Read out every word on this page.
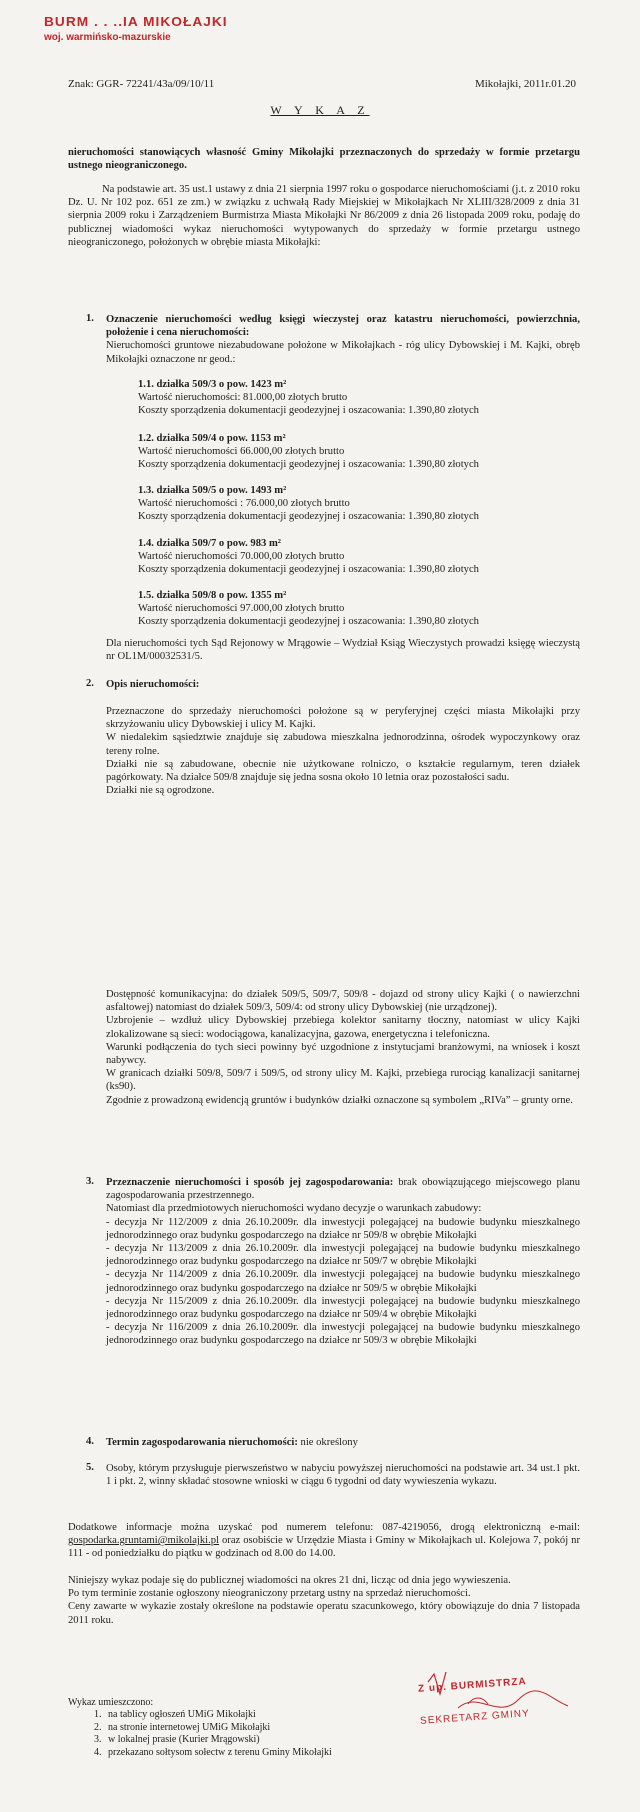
BURM . . ..IA MIKOŁAJKI
woj. warmińsko-mazurskie
Znak: GGR- 72241/43a/09/10/11	Mikołajki, 2011r.01.20
W Y K A Z
nieruchomości stanowiących własność Gminy Mikołajki przeznaczonych do sprzedaży w formie przetargu ustnego nieograniczonego.
Na podstawie art. 35 ust.1 ustawy z dnia 21 sierpnia 1997 roku o gospodarce nieruchomościami (j.t. z 2010 roku Dz. U. Nr 102 poz. 651 ze zm.) w związku z uchwałą Rady Miejskiej w Mikołajkach Nr XLIII/328/2009 z dnia 31 sierpnia 2009 roku i Zarządzeniem Burmistrza Miasta Mikołajki Nr 86/2009 z dnia 26 listopada 2009 roku, podaję do publicznej wiadomości wykaz nieruchomości wytypowanych do sprzedaży w formie przetargu ustnego nieograniczonego, położonych w obrębie miasta Mikołajki:
1. Oznaczenie nieruchomości według księgi wieczystej oraz katastru nieruchomości, powierzchnia, położenie i cena nieruchomości:
Nieruchomości gruntowe niezabudowane położone w Mikołajkach - róg ulicy Dybowskiej i M. Kajki, obręb Mikołajki oznaczone nr geod.:
1.1. działka 509/3 o pow. 1423 m²
Wartość nieruchomości: 81.000,00 złotych brutto
Koszty sporządzenia dokumentacji geodezyjnej i oszacowania: 1.390,80 złotych
1.2. działka 509/4 o pow. 1153 m²
Wartość nieruchomości 66.000,00 złotych brutto
Koszty sporządzenia dokumentacji geodezyjnej i oszacowania: 1.390,80 złotych
1.3. działka 509/5 o pow. 1493 m²
Wartość nieruchomości : 76.000,00 złotych brutto
Koszty sporządzenia dokumentacji geodezyjnej i oszacowania: 1.390,80 złotych
1.4. działka 509/7 o pow. 983 m²
Wartość nieruchomości 70.000,00 złotych brutto
Koszty sporządzenia dokumentacji geodezyjnej i oszacowania: 1.390,80 złotych
1.5. działka 509/8 o pow. 1355 m²
Wartość nieruchomości 97.000,00 złotych brutto
Koszty sporządzenia dokumentacji geodezyjnej i oszacowania: 1.390,80 złotych
Dla nieruchomości tych Sąd Rejonowy w Mrągowie – Wydział Ksiąg Wieczystych prowadzi księgę wieczystą nr OL1M/00032531/5.
2. Opis nieruchomości:
Przeznaczone do sprzedaży nieruchomości położone są w peryferyjnej części miasta Mikołajki przy skrzyżowaniu ulicy Dybowskiej i ulicy M. Kajki.
W niedalekim sąsiedztwie znajduje się zabudowa mieszkalna jednorodzinna, ośrodek wypoczynkowy oraz tereny rolne.
Działki nie są zabudowane, obecnie nie użytkowane rolniczo, o kształcie regularnym, teren działek pagórkowaty. Na działce 509/8 znajduje się jedna sosna około 10 letnia oraz pozostałości sadu.
Działki nie są ogrodzone.
Dostępność komunikacyjna: do działek 509/5, 509/7, 509/8 - dojazd od strony ulicy Kajki ( o nawierzchni asfaltowej) natomiast do działek 509/3, 509/4: od strony ulicy Dybowskiej (nie urządzonej).
Uzbrojenie – wzdłuż ulicy Dybowskiej przebiega kolektor sanitarny tłoczny, natomiast w ulicy Kajki zlokalizowane są sieci: wodociągowa, kanalizacyjna, gazowa, energetyczna i telefoniczna.
Warunki podłączenia do tych sieci powinny być uzgodnione z instytucjami branżowymi, na wniosek i koszt nabywcy.
W granicach działki 509/8, 509/7 i 509/5, od strony ulicy M. Kajki, przebiega rurociąg kanalizacji sanitarnej (ks90).
Zgodnie z prowadzoną ewidencją gruntów i budynków działki oznaczone są symbolem „RIVa” – grunty orne.
3. Przeznaczenie nieruchomości i sposób jej zagospodarowania: brak obowiązującego miejscowego planu zagospodarowania przestrzennego.
Natomiast dla przedmiotowych nieruchomości wydano decyzje o warunkach zabudowy:
- decyzja Nr 112/2009 z dnia 26.10.2009r. dla inwestycji polegającej na budowie budynku mieszkalnego jednorodzinnego oraz budynku gospodarczego na działce nr 509/8 w obrębie Mikołajki
- decyzja Nr 113/2009 z dnia 26.10.2009r. dla inwestycji polegającej na budowie budynku mieszkalnego jednorodzinnego oraz budynku gospodarczego na działce nr 509/7 w obrębie Mikołajki
- decyzja Nr 114/2009 z dnia 26.10.2009r. dla inwestycji polegającej na budowie budynku mieszkalnego jednorodzinnego oraz budynku gospodarczego na działce nr 509/5 w obrębie Mikołajki
- decyzja Nr 115/2009 z dnia 26.10.2009r. dla inwestycji polegającej na budowie budynku mieszkalnego jednorodzinnego oraz budynku gospodarczego na działce nr 509/4 w obrębie Mikołajki
- decyzja Nr 116/2009 z dnia 26.10.2009r. dla inwestycji polegającej na budowie budynku mieszkalnego jednorodzinnego oraz budynku gospodarczego na działce nr 509/3 w obrębie Mikołajki
4. Termin zagospodarowania nieruchomości: nie określony
5. Osoby, którym przysługuje pierwszeństwo w nabyciu powyższej nieruchomości na podstawie art. 34 ust.1 pkt. 1 i pkt. 2, winny składać stosowne wnioski w ciągu 6 tygodni od daty wywieszenia wykazu.
Dodatkowe informacje można uzyskać pod numerem telefonu: 087-4219056, drogą elektroniczną e-mail: gospodarka.gruntami@mikolajki.pl oraz osobiście w Urzędzie Miasta i Gminy w Mikołajkach ul. Kolejowa 7, pokój nr 111 - od poniedziałku do piątku w godzinach od 8.00 do 14.00.
Niniejszy wykaz podaje się do publicznej wiadomości na okres 21 dni, licząc od dnia jego wywieszenia.
Po tym terminie zostanie ogłoszony nieograniczony przetarg ustny na sprzedaż nieruchomości.
Ceny zawarte w wykazie zostały określone na podstawie operatu szacunkowego, który obowiązuje do dnia 7 listopada 2011 roku.
Wykaz umieszczono:
1. na tablicy ogłoszeń UMiG Mikołajki
2. na stronie internetowej UMiG Mikołajki
3. w lokalnej prasie (Kurier Mrągowski)
4. przekazano sołtysom sołectw z terenu Gminy Mikołajki
Z up. BURMISTRZA
SEKRETARZ GMINY
